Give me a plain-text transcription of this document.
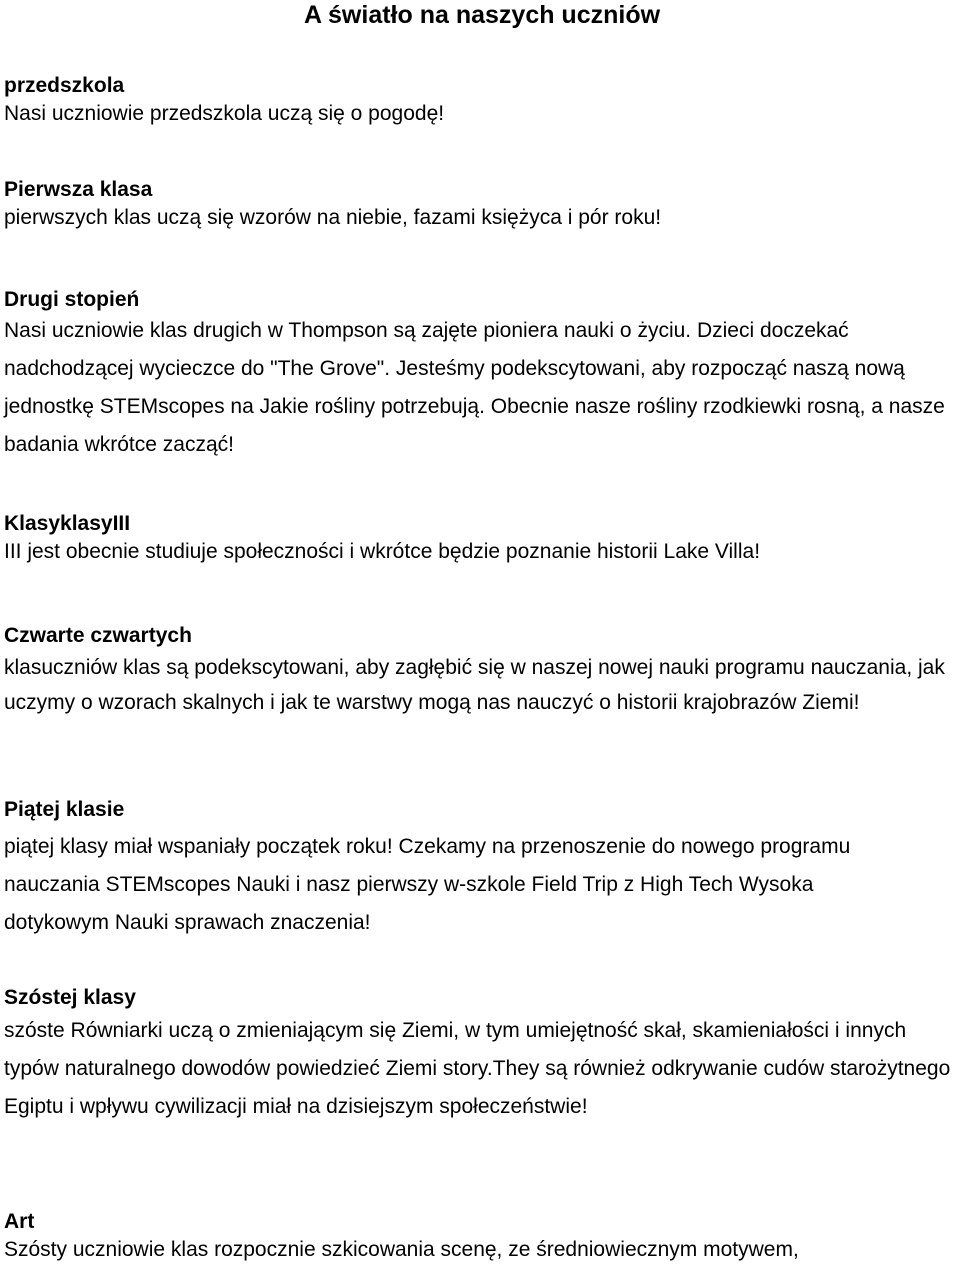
A światło na naszych uczniów

przedszkola

Nasi uczniowie przedszkola uczą się o pogodę!

Pierwsza klasa

pierwszych klas uczą się wzorów na niebie, fazami księżyca i pór roku!

Drugi stopień

Nasi uczniowie klas drugich w Thompson są zajęte pioniera nauki o życiu. Dzieci doczekać nadchodzącej wycieczce do "The Grove". Jesteśmy podekscytowani, aby rozpocząć naszą nową jednostkę STEMscopes na Jakie rośliny potrzebują. Obecnie nasze rośliny rzodkiewki rosną, a nasze badania wkrótce zacząć!

KlasyklasyIII

III jest obecnie studiuje społeczności i wkrótce będzie poznanie historii Lake Villa!

Czwarte czwartych

klasuczniów klas są podekscytowani, aby zagłębić się w naszej nowej nauki programu nauczania, jak uczymy o wzorach skalnych i jak te warstwy mogą nas nauczyć o historii krajobrazów Ziemi!

Piątej klasie

piątej klasy miał wspaniały początek roku! Czekamy na przenoszenie do nowego programu nauczania STEMscopes Nauki i nasz pierwszy w-szkole Field Trip z High Tech Wysoka dotykowym Nauki sprawach znaczenia!

Szóstej klasy

szóste Równiarki uczą o zmieniającym się Ziemi, w tym umiejętność skał, skamieniałości i innych typów naturalnego dowodów powiedzieć Ziemi story.They są również odkrywanie cudów starożytnego Egiptu i wpływu cywilizacji miał na dzisiejszym społeczeństwie!

Art

Szósty uczniowie klas rozpocznie szkicowania scenę, ze średniowiecznym motywem,
